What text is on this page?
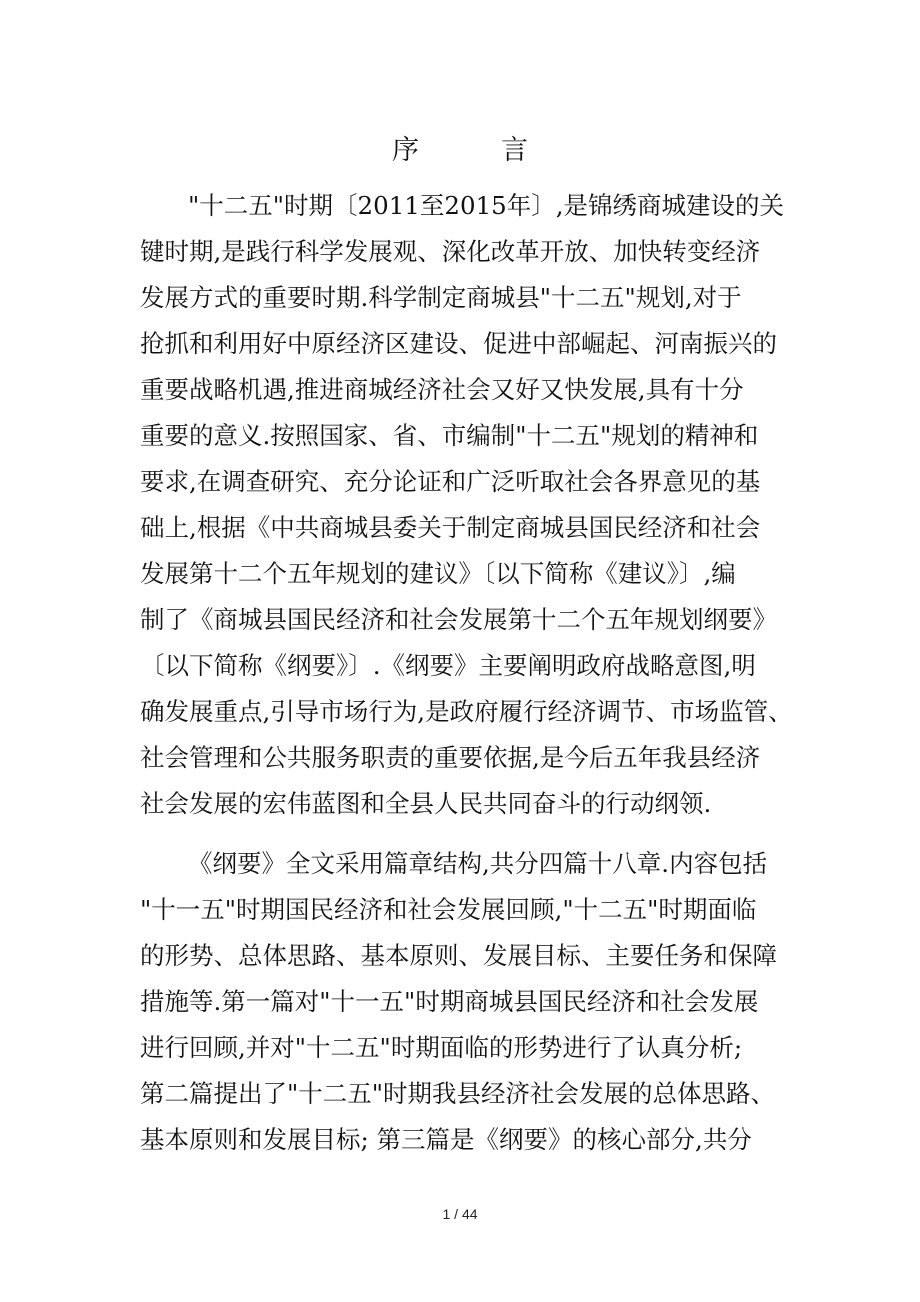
序	言
"十二五"时期〔2011至2015年〕,是锦绣商城建设的关
键时期,是践行科学发展观、深化改革开放、加快转变经济
发展方式的重要时期.科学制定商城县"十二五"规划,对于
抢抓和利用好中原经济区建设、促进中部崛起、河南振兴的
重要战略机遇,推进商城经济社会又好又快发展,具有十分
重要的意义.按照国家、省、市编制"十二五"规划的精神和
要求,在调查研究、充分论证和广泛听取社会各界意见的基
础上,根据《中共商城县委关于制定商城县国民经济和社会
发展第十二个五年规划的建议》〔以下简称《建议》〕,编
制了《商城县国民经济和社会发展第十二个五年规划纲要》
〔以下简称《纲要》〕.《纲要》主要阐明政府战略意图,明
确发展重点,引导市场行为,是政府履行经济调节、市场监管、
社会管理和公共服务职责的重要依据,是今后五年我县经济
社会发展的宏伟蓝图和全县人民共同奋斗的行动纲领.
《纲要》全文采用篇章结构,共分四篇十八章.内容包括
"十一五"时期国民经济和社会发展回顾,"十二五"时期面临
的形势、总体思路、基本原则、发展目标、主要任务和保障
措施等.第一篇对"十一五"时期商城县国民经济和社会发展
进行回顾,并对"十二五"时期面临的形势进行了认真分析;
第二篇提出了"十二五"时期我县经济社会发展的总体思路、
基本原则和发展目标; 第三篇是《纲要》的核心部分,共分
1 / 44
